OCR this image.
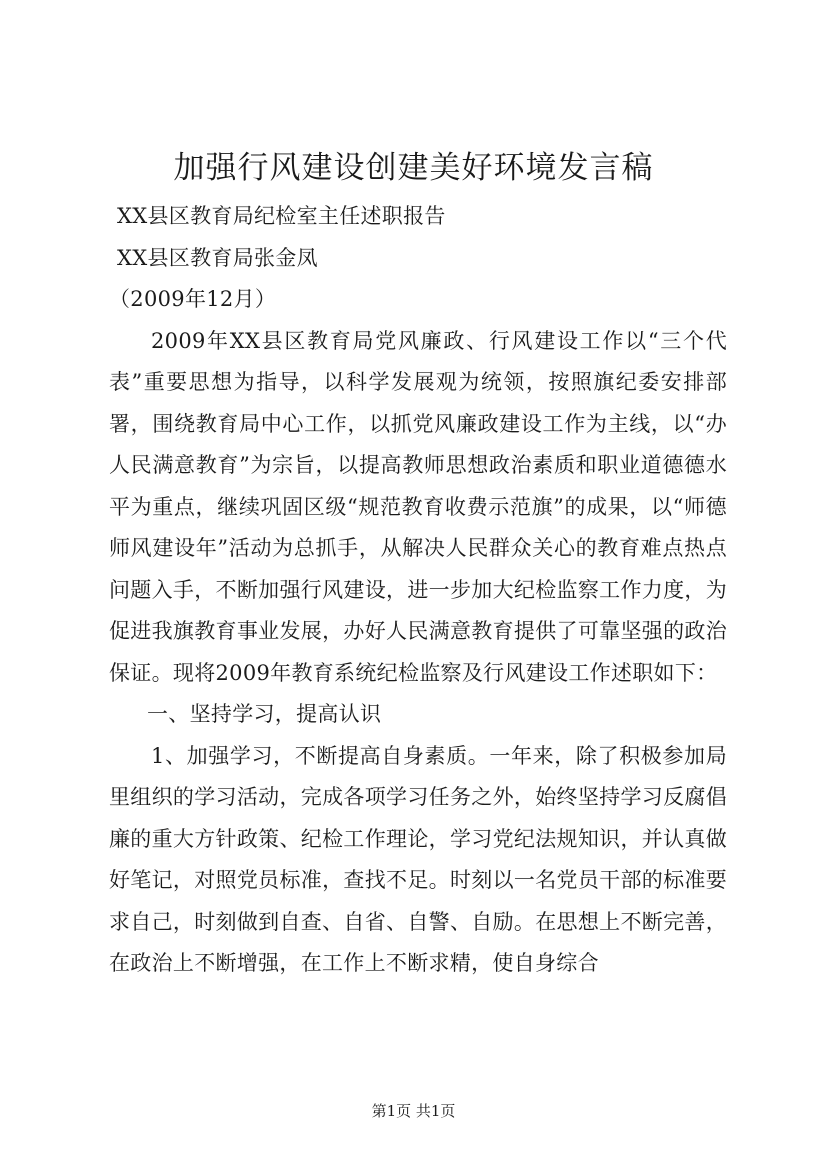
加强行风建设创建美好环境发言稿

XX县区教育局纪检室主任述职报告

XX县区教育局张金凤

（2009年12月）

2009年XX县区教育局党风廉政、行风建设工作以“三个代表”重要思想为指导，以科学发展观为统领，按照旗纪委安排部署，围绕教育局中心工作，以抓党风廉政建设工作为主线，以“办人民满意教育”为宗旨，以提高教师思想政治素质和职业道德德水平为重点，继续巩固区级“规范教育收费示范旗”的成果，以“师德师风建设年”活动为总抓手，从解决人民群众关心的教育难点热点问题入手，不断加强行风建设，进一步加大纪检监察工作力度，为促进我旗教育事业发展，办好人民满意教育提供了可靠坚强的政治保证。现将2009年教育系统纪检监察及行风建设工作述职如下：

一、坚持学习，提高认识

1、加强学习，不断提高自身素质。一年来，除了积极参加局里组织的学习活动，完成各项学习任务之外，始终坚持学习反腐倡廉的重大方针政策、纪检工作理论，学习党纪法规知识，并认真做好笔记，对照党员标准，查找不足。时刻以一名党员干部的标准要求自己，时刻做到自查、自省、自警、自励。在思想上不断完善，在政治上不断增强，在工作上不断求精，使自身综合

第1页 共1页
